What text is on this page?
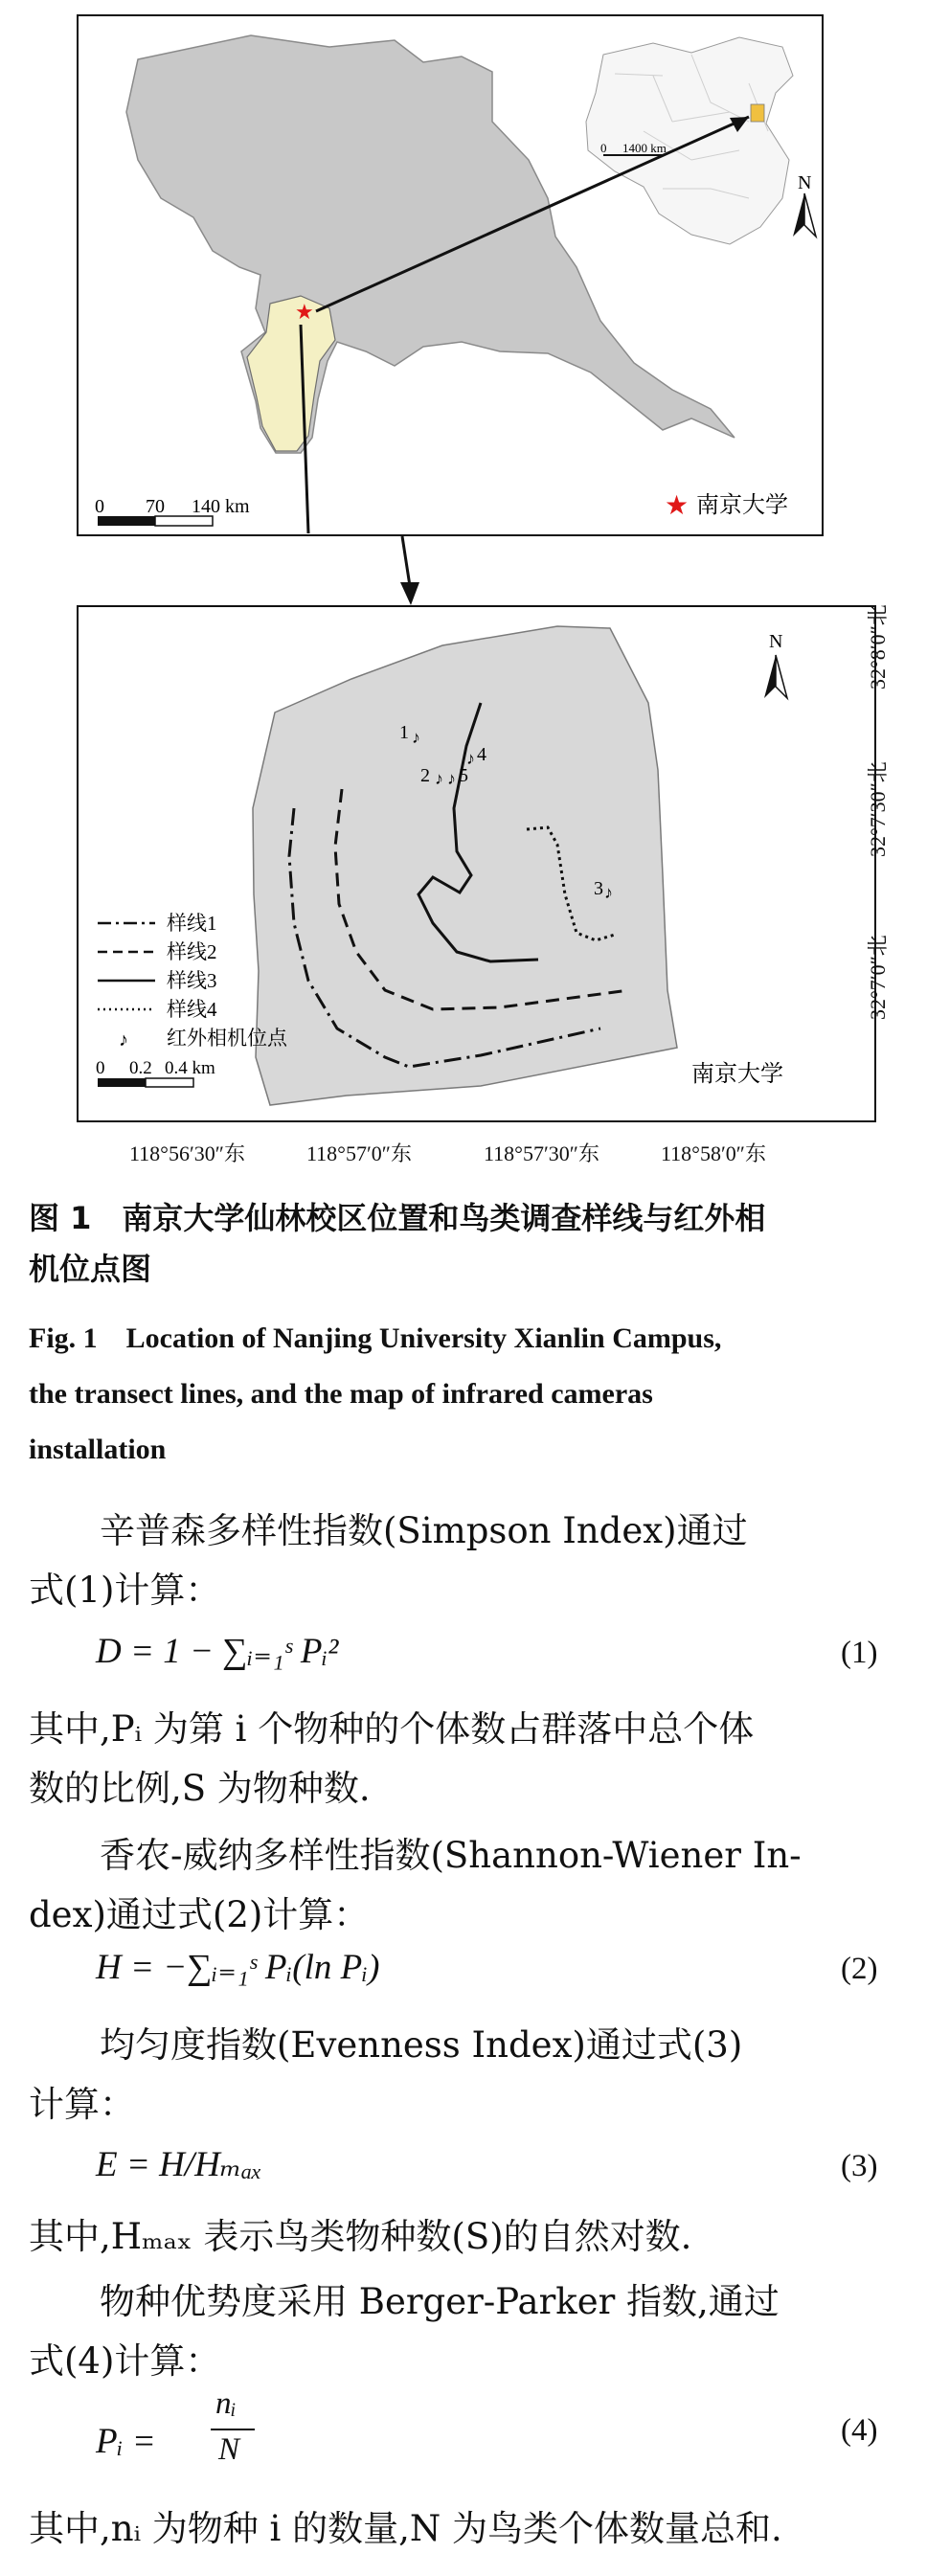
0 1400 km
N
★
0 70 140 km	★ 南京大学
1 ♪
4
♪
2 ♪ ♪ 5
3 ♪
N
样线1
样线2
样线3
样线4
♪ 红外相机位点
0 0.2 0.4 km	南京大学
32°8′0″北
32°7′30″北
32°7′0″北
118°56′30″东	118°57′0″东	118°57′30″东	118°58′0″东
图 1　南京大学仙林校区位置和鸟类调查样线与红外相
机位点图
Fig. 1　Location of Nanjing University Xianlin Campus,
the transect lines, and the map of infrared cameras
installation
　　辛普森多样性指数(Simpson Index)通过
式(1)计算：
D = 1 − ∑ᵢ₌₁ˢ Pᵢ²	(1)
其中,Pᵢ 为第 i 个物种的个体数占群落中总个体
数的比例,S 为物种数.
　　香农-威纳多样性指数(Shannon-Wiener In-
dex)通过式(2)计算：
H = −∑ᵢ₌₁ˢ Pᵢ(ln Pᵢ)	(2)
　　均匀度指数(Evenness Index)通过式(3)
计算：
E = H/Hₘₐₓ	(3)
其中,Hₘₐₓ 表示鸟类物种数(S)的自然对数.
　　物种优势度采用 Berger-Parker 指数,通过
式(4)计算：
Pᵢ =
nᵢ
N
(4)
其中,nᵢ 为物种 i 的数量,N 为鸟类个体数量总和.
